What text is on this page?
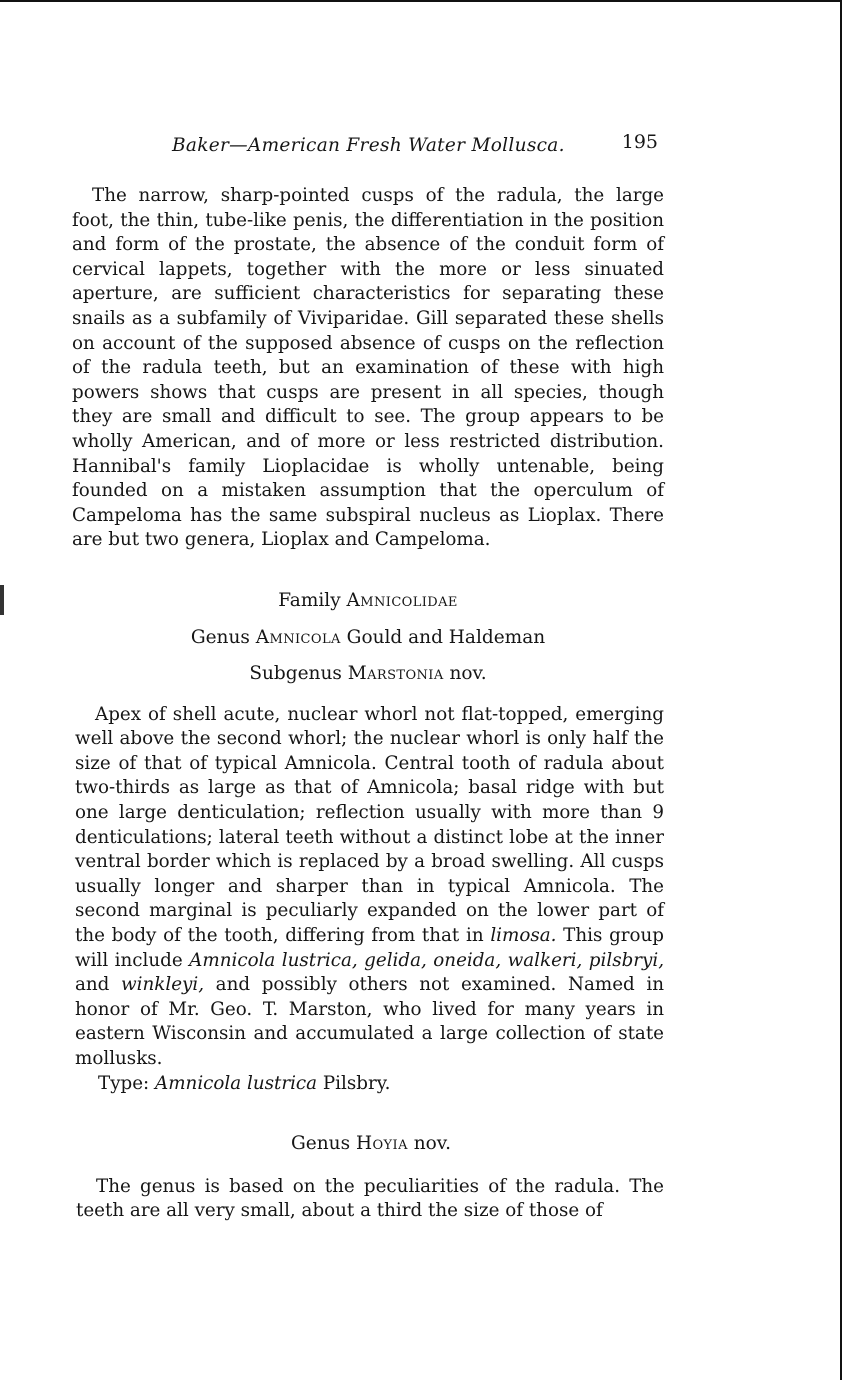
Baker—American Fresh Water Mollusca.	195

The narrow, sharp-pointed cusps of the radula, the large foot, the thin, tube-like penis, the differentiation in the position and form of the prostate, the absence of the conduit form of cervical lappets, together with the more or less sinuated aperture, are sufficient characteristics for separating these snails as a subfamily of Viviparidae. Gill separated these shells on account of the supposed absence of cusps on the reflection of the radula teeth, but an examination of these with high powers shows that cusps are present in all species, though they are small and difficult to see. The group appears to be wholly American, and of more or less restricted distribution. Hannibal's family Lioplacidae is wholly untenable, being founded on a mistaken assumption that the operculum of Campeloma has the same subspiral nucleus as Lioplax. There are but two genera, Lioplax and Campeloma.

Family Amnicolidae
Genus Amnicola Gould and Haldeman
Subgenus Marstonia nov.

Apex of shell acute, nuclear whorl not flat-topped, emerging well above the second whorl; the nuclear whorl is only half the size of that of typical Amnicola. Central tooth of radula about two-thirds as large as that of Amnicola; basal ridge with but one large denticulation; reflection usually with more than 9 denticulations; lateral teeth without a distinct lobe at the inner ventral border which is replaced by a broad swelling. All cusps usually longer and sharper than in typical Amnicola. The second marginal is peculiarly expanded on the lower part of the body of the tooth, differing from that in limosa. This group will include Amnicola lustrica, gelida, oneida, walkeri, pilsbryi, and winkleyi, and possibly others not examined. Named in honor of Mr. Geo. T. Marston, who lived for many years in eastern Wisconsin and accumulated a large collection of state mollusks.

Type: Amnicola lustrica Pilsbry.

Genus Hoyia nov.

The genus is based on the peculiarities of the radula. The teeth are all very small, about a third the size of those of
